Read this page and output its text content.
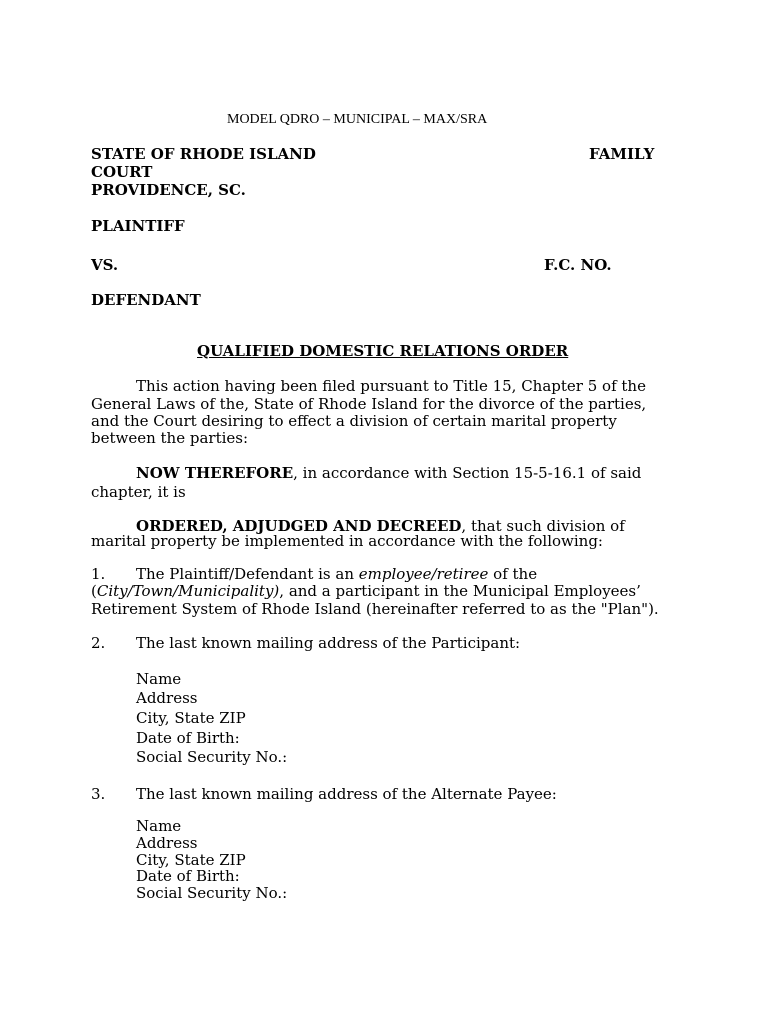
MODEL QDRO – MUNICIPAL – MAX/SRA
STATE OF RHODE ISLAND	FAMILY
COURT
PROVIDENCE, SC.
PLAINTIFF
VS.	F.C. NO.
DEFENDANT
QUALIFIED DOMESTIC RELATIONS ORDER
This action having been filed pursuant to Title 15, Chapter 5 of the
General Laws of the, State of Rhode Island for the divorce of the parties,
and the Court desiring to effect a division of certain marital property
between the parties:
NOW THEREFORE, in accordance with Section 15-5-16.1 of said
chapter, it is
ORDERED, ADJUDGED AND DECREED, that such division of
marital property be implemented in accordance with the following:
1. The Plaintiff/Defendant is an employee/retiree of the
(City/Town/Municipality), and a participant in the Municipal Employees’
Retirement System of Rhode Island (hereinafter referred to as the "Plan").
2. The last known mailing address of the Participant:
Name
Address
City, State ZIP
Date of Birth:
Social Security No.:
3. The last known mailing address of the Alternate Payee:
Name
Address
City, State ZIP
Date of Birth:
Social Security No.:
